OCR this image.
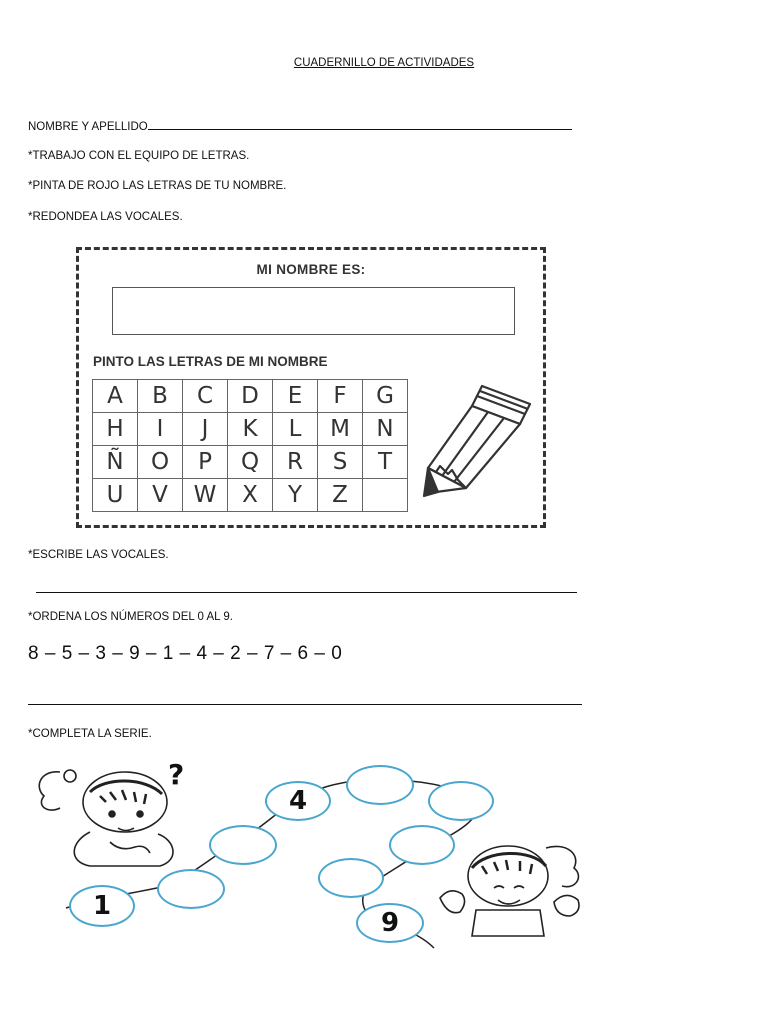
CUADERNILLO DE ACTIVIDADES
NOMBRE Y APELLIDO
*TRABAJO CON EL EQUIPO DE LETRAS.
*PINTA DE ROJO LAS LETRAS DE TU NOMBRE.
*REDONDEA LAS VOCALES.
MI NOMBRE ES:
PINTO LAS LETRAS DE MI NOMBRE
A	B	C	D	E	F	G
H	I	J	K	L	M	N
Ñ	O	P	Q	R	S	T
U	V	W	X	Y	Z	
*ESCRIBE LAS VOCALES.
*ORDENA LOS NÚMEROS DEL 0 AL 9.
8 – 5 – 3 – 9 – 1 – 4 – 2 – 7 – 6 – 0
*COMPLETA LA SERIE.
?
1
4
9
